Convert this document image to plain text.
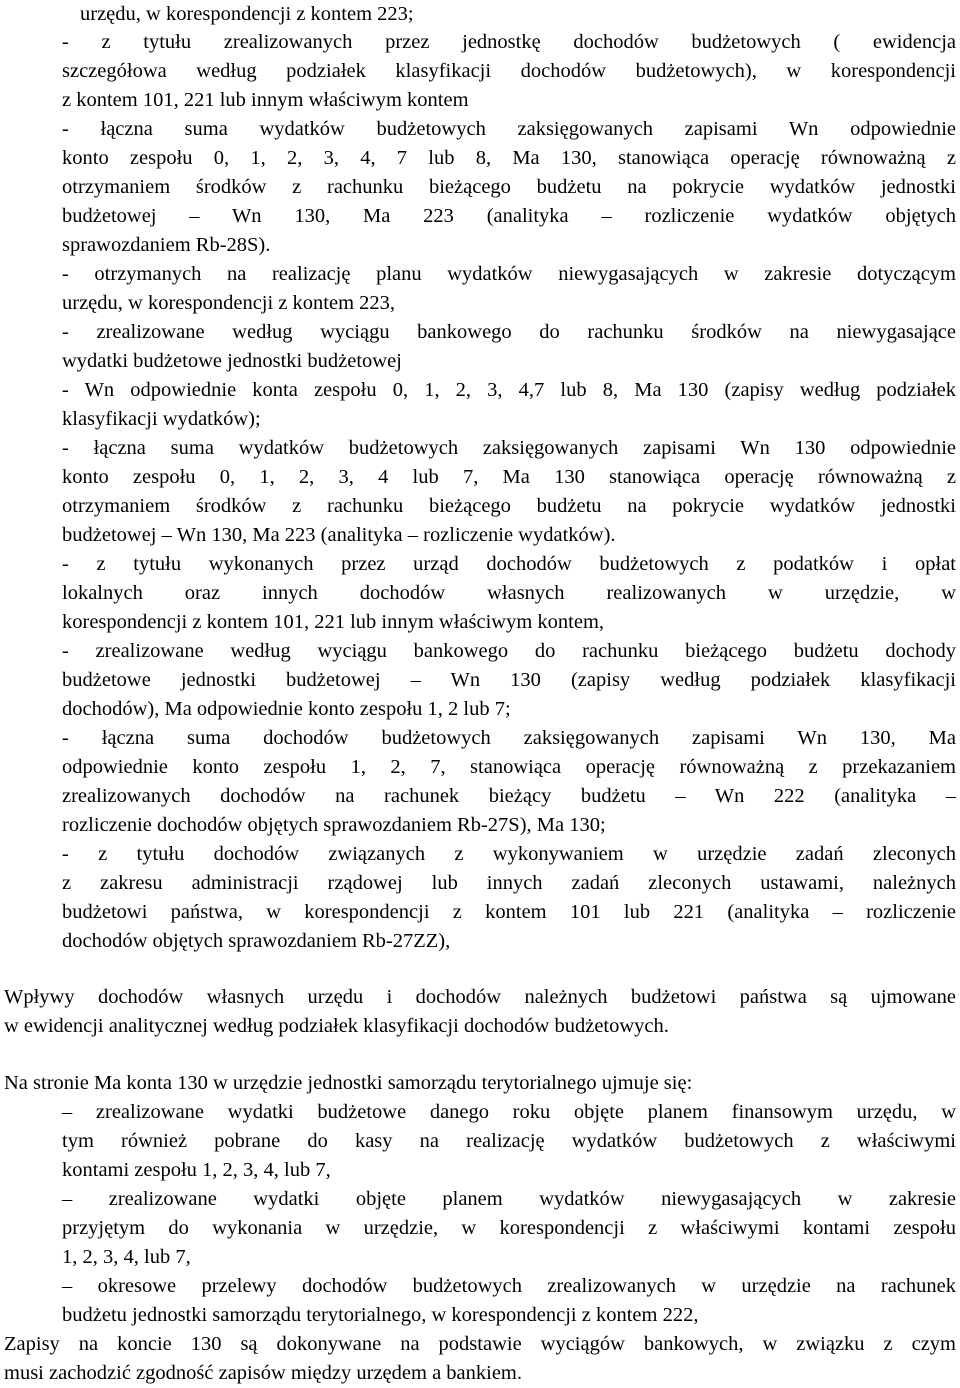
urzędu, w korespondencji z kontem 223;
- z tytułu zrealizowanych przez jednostkę dochodów budżetowych ( ewidencja
szczegółowa według podziałek klasyfikacji dochodów budżetowych), w korespondencji
z kontem 101, 221 lub innym właściwym kontem
- łączna suma wydatków budżetowych zaksięgowanych zapisami Wn odpowiednie
konto zespołu 0, 1, 2, 3, 4, 7 lub 8, Ma 130, stanowiąca operację równoważną z
otrzymaniem środków z rachunku bieżącego budżetu na pokrycie wydatków jednostki
budżetowej – Wn 130, Ma 223 (analityka – rozliczenie wydatków objętych
sprawozdaniem Rb-28S).
- otrzymanych na realizację planu wydatków niewygasających w zakresie dotyczącym
urzędu, w korespondencji z kontem 223,
- zrealizowane według wyciągu bankowego do rachunku środków na niewygasające
wydatki budżetowe jednostki budżetowej
- Wn odpowiednie konta zespołu 0, 1, 2, 3, 4,7 lub 8, Ma 130 (zapisy według podziałek
klasyfikacji wydatków);
- łączna suma wydatków budżetowych zaksięgowanych zapisami Wn 130 odpowiednie
konto zespołu 0, 1, 2, 3, 4 lub 7, Ma 130 stanowiąca operację równoważną z
otrzymaniem środków z rachunku bieżącego budżetu na pokrycie wydatków jednostki
budżetowej – Wn 130, Ma 223 (analityka – rozliczenie wydatków).
- z tytułu wykonanych przez urząd dochodów budżetowych z podatków i opłat
lokalnych oraz innych dochodów własnych realizowanych w urzędzie, w
korespondencji z kontem 101, 221 lub innym właściwym kontem,
- zrealizowane według wyciągu bankowego do rachunku bieżącego budżetu dochody
budżetowe jednostki budżetowej – Wn 130 (zapisy według podziałek klasyfikacji
dochodów), Ma odpowiednie konto zespołu 1, 2 lub 7;
- łączna suma dochodów budżetowych zaksięgowanych zapisami Wn 130, Ma
odpowiednie konto zespołu 1, 2, 7, stanowiąca operację równoważną z przekazaniem
zrealizowanych dochodów na rachunek bieżący budżetu – Wn 222 (analityka –
rozliczenie dochodów objętych sprawozdaniem Rb-27S), Ma 130;
- z tytułu dochodów związanych z wykonywaniem w urzędzie zadań zleconych
z zakresu administracji rządowej lub innych zadań zleconych ustawami, należnych
budżetowi państwa, w korespondencji z kontem 101 lub 221 (analityka – rozliczenie
dochodów objętych sprawozdaniem Rb-27ZZ),
Wpływy dochodów własnych urzędu i dochodów należnych budżetowi państwa są ujmowane
w ewidencji analitycznej według podziałek klasyfikacji dochodów budżetowych.
Na stronie Ma konta 130 w urzędzie jednostki samorządu terytorialnego ujmuje się:
– zrealizowane wydatki budżetowe danego roku objęte planem finansowym urzędu, w
tym również pobrane do kasy na realizację wydatków budżetowych z właściwymi
kontami zespołu 1, 2, 3, 4, lub 7,
– zrealizowane wydatki objęte planem wydatków niewygasających w zakresie
przyjętym do wykonania w urzędzie, w korespondencji z właściwymi kontami zespołu
1, 2, 3, 4, lub 7,
– okresowe przelewy dochodów budżetowych zrealizowanych w urzędzie na rachunek
budżetu jednostki samorządu terytorialnego, w korespondencji z kontem 222,
Zapisy na koncie 130 są dokonywane na podstawie wyciągów bankowych, w związku z czym
musi zachodzić zgodność zapisów między urzędem a bankiem.
